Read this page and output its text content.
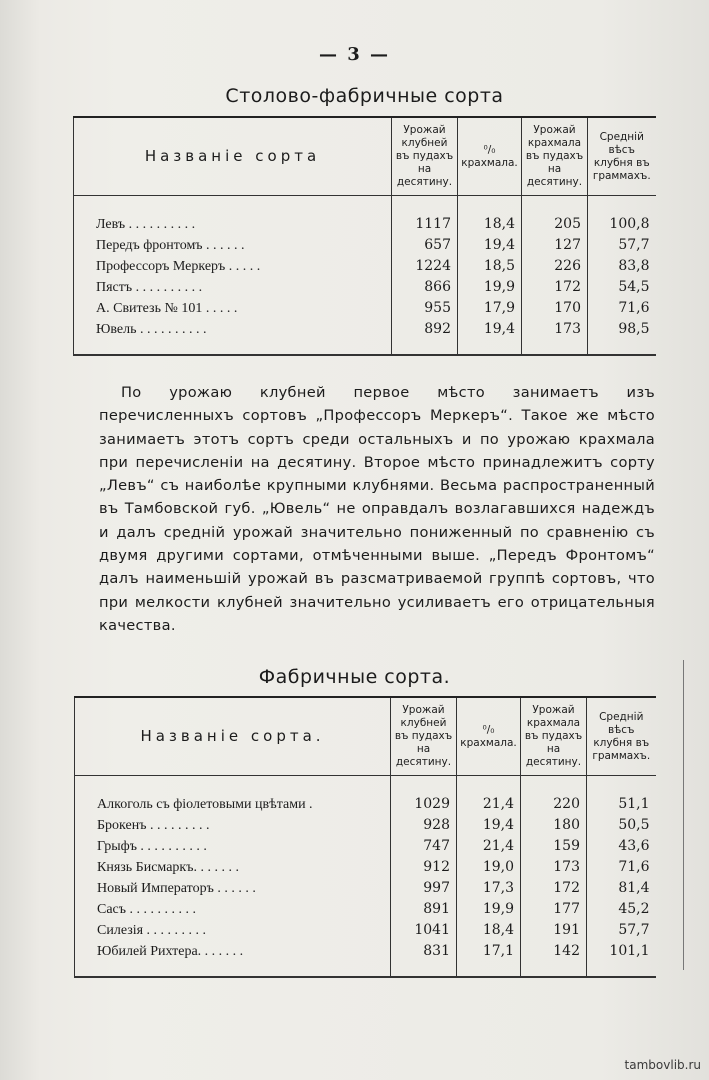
— 3 —
Столово-фабричные сорта
Названіе сорта	Урожай клубней въ пудахъ на десятину.	⁰/₀ крахмала.	Урожай крахмала въ пудахъ на десятину.	Средній вѣсъ клубня въ граммахъ.
Левъ . . . . . . . . . .	1117	18,4	205	100,8
Передъ фронтомъ . . . . . .	657	19,4	127	57,7
Профессоръ Меркеръ . . . . .	1224	18,5	226	83,8
Пястъ . . . . . . . . . .	866	19,9	172	54,5
А. Свитезь № 101 . . . . .	955	17,9	170	71,6
Ювель . . . . . . . . . .	892	19,4	173	98,5
По урожаю клубней первое мѣсто занимаетъ изъ перечисленныхъ сортовъ „Профессоръ Меркеръ“. Такое же мѣсто занимаетъ этотъ сортъ среди остальныхъ и по урожаю крахмала при перечисленіи на десятину. Второе мѣсто принадлежитъ сорту „Левъ“ съ наиболѣе крупными клубнями. Весьма распространенный въ Тамбовской губ. „Ювель“ не оправдалъ возлагавшихся надеждъ и далъ средній урожай значительно пониженный по сравненію съ двумя другими сортами, отмѣченными выше. „Передъ Фронтомъ“ далъ наименьшій урожай въ разсматриваемой группѣ сортовъ, что при мелкости клубней значительно усиливаетъ его отрицательныя качества.
Фабричные сорта.
Названіе сорта.	Урожай клубней въ пудахъ на десятину.	⁰/₀ крахмала.	Урожай крахмала въ пудахъ на десятину.	Средній вѣсъ клубня въ граммахъ.
Алкоголь съ фіолетовыми цвѣтами .	1029	21,4	220	51,1
Брокенъ . . . . . . . . .	928	19,4	180	50,5
Грыфъ . . . . . . . . . .	747	21,4	159	43,6
Князь Бисмаркъ. . . . . . .	912	19,0	173	71,6
Новый Императоръ . . . . . .	997	17,3	172	81,4
Сасъ . . . . . . . . . .	891	19,9	177	45,2
Силезія . . . . . . . . .	1041	18,4	191	57,7
Юбилей Рихтера. . . . . . .	831	17,1	142	101,1
tambovlib.ru
